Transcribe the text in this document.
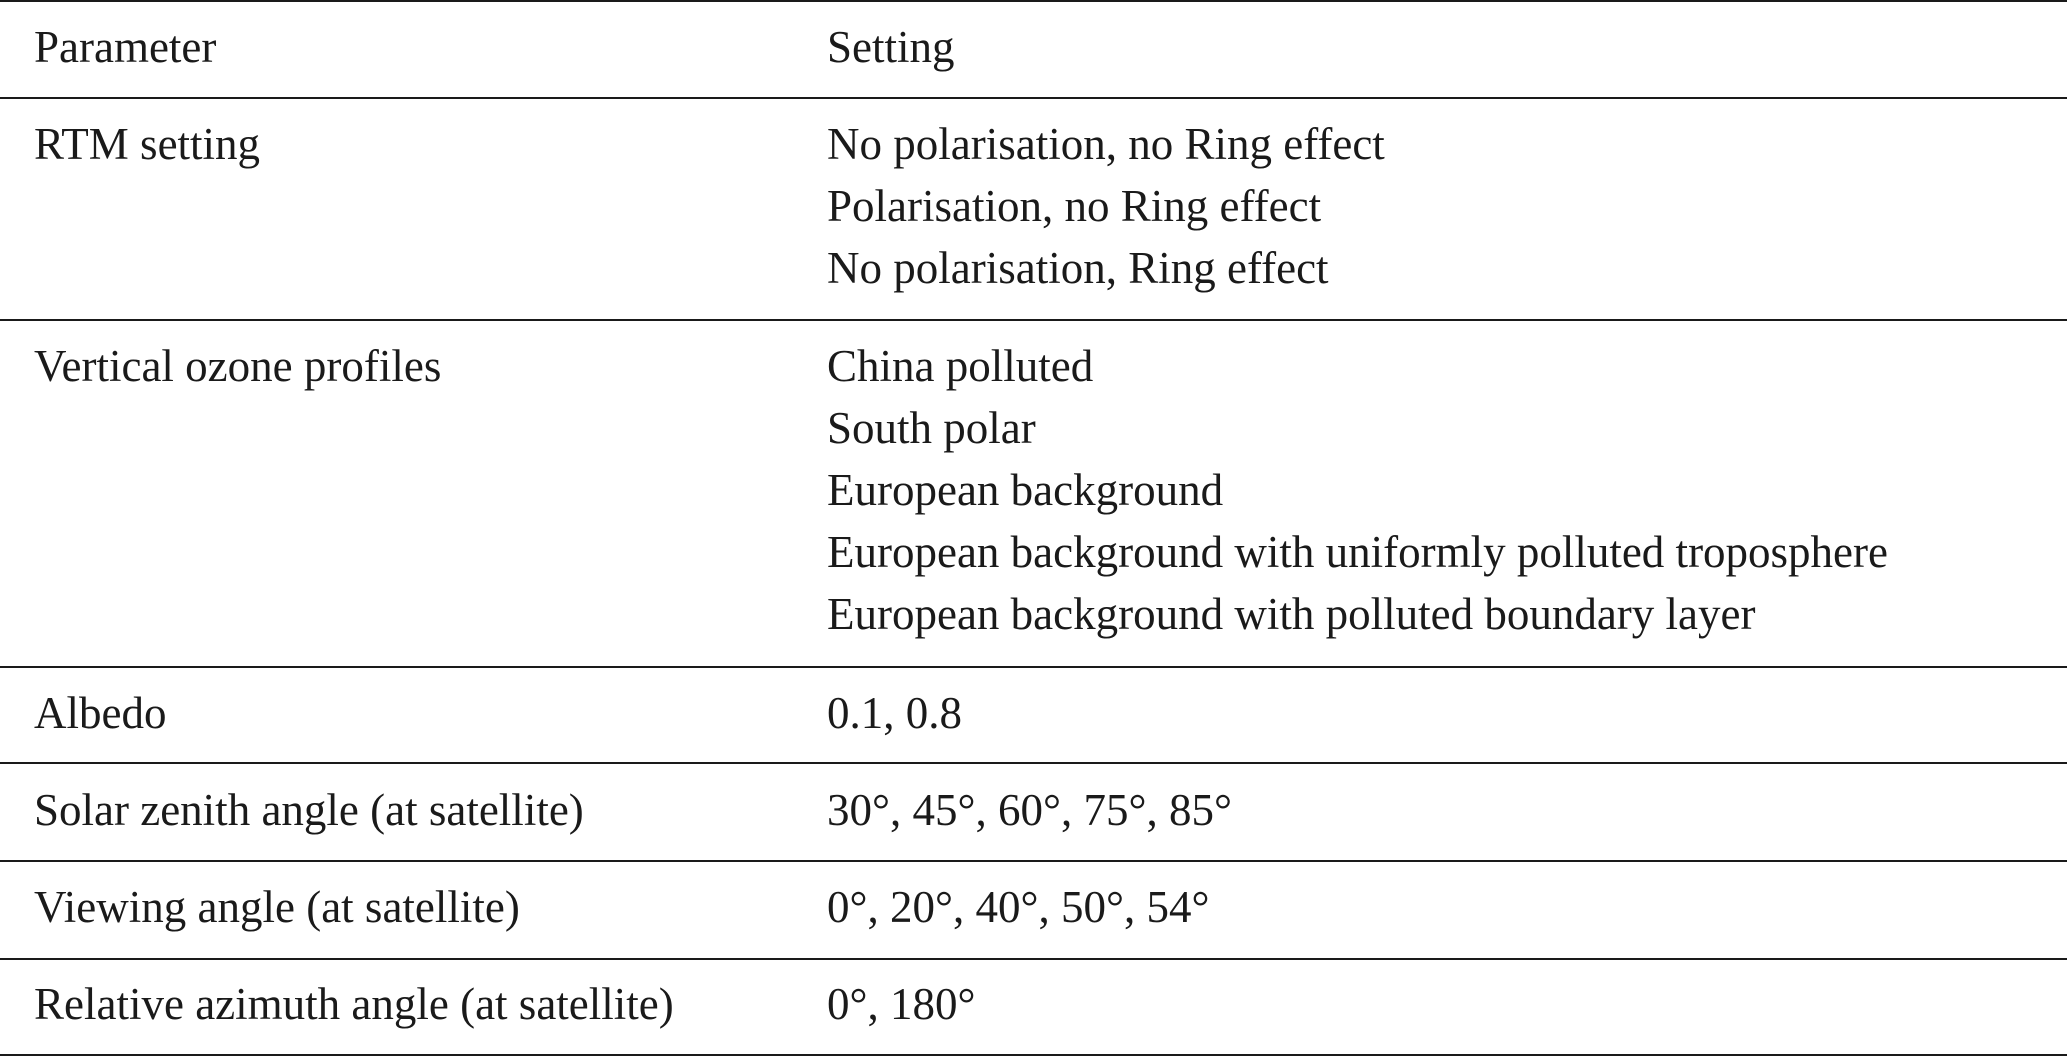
Parameter	Setting
RTM setting	No polarisation, no Ring effect
Polarisation, no Ring effect
No polarisation, Ring effect
Vertical ozone profiles	China polluted
South polar
European background
European background with uniformly polluted troposphere
European background with polluted boundary layer
Albedo	0.1, 0.8
Solar zenith angle (at satellite)	30°, 45°, 60°, 75°, 85°
Viewing angle (at satellite)	0°, 20°, 40°, 50°, 54°
Relative azimuth angle (at satellite)	0°, 180°
